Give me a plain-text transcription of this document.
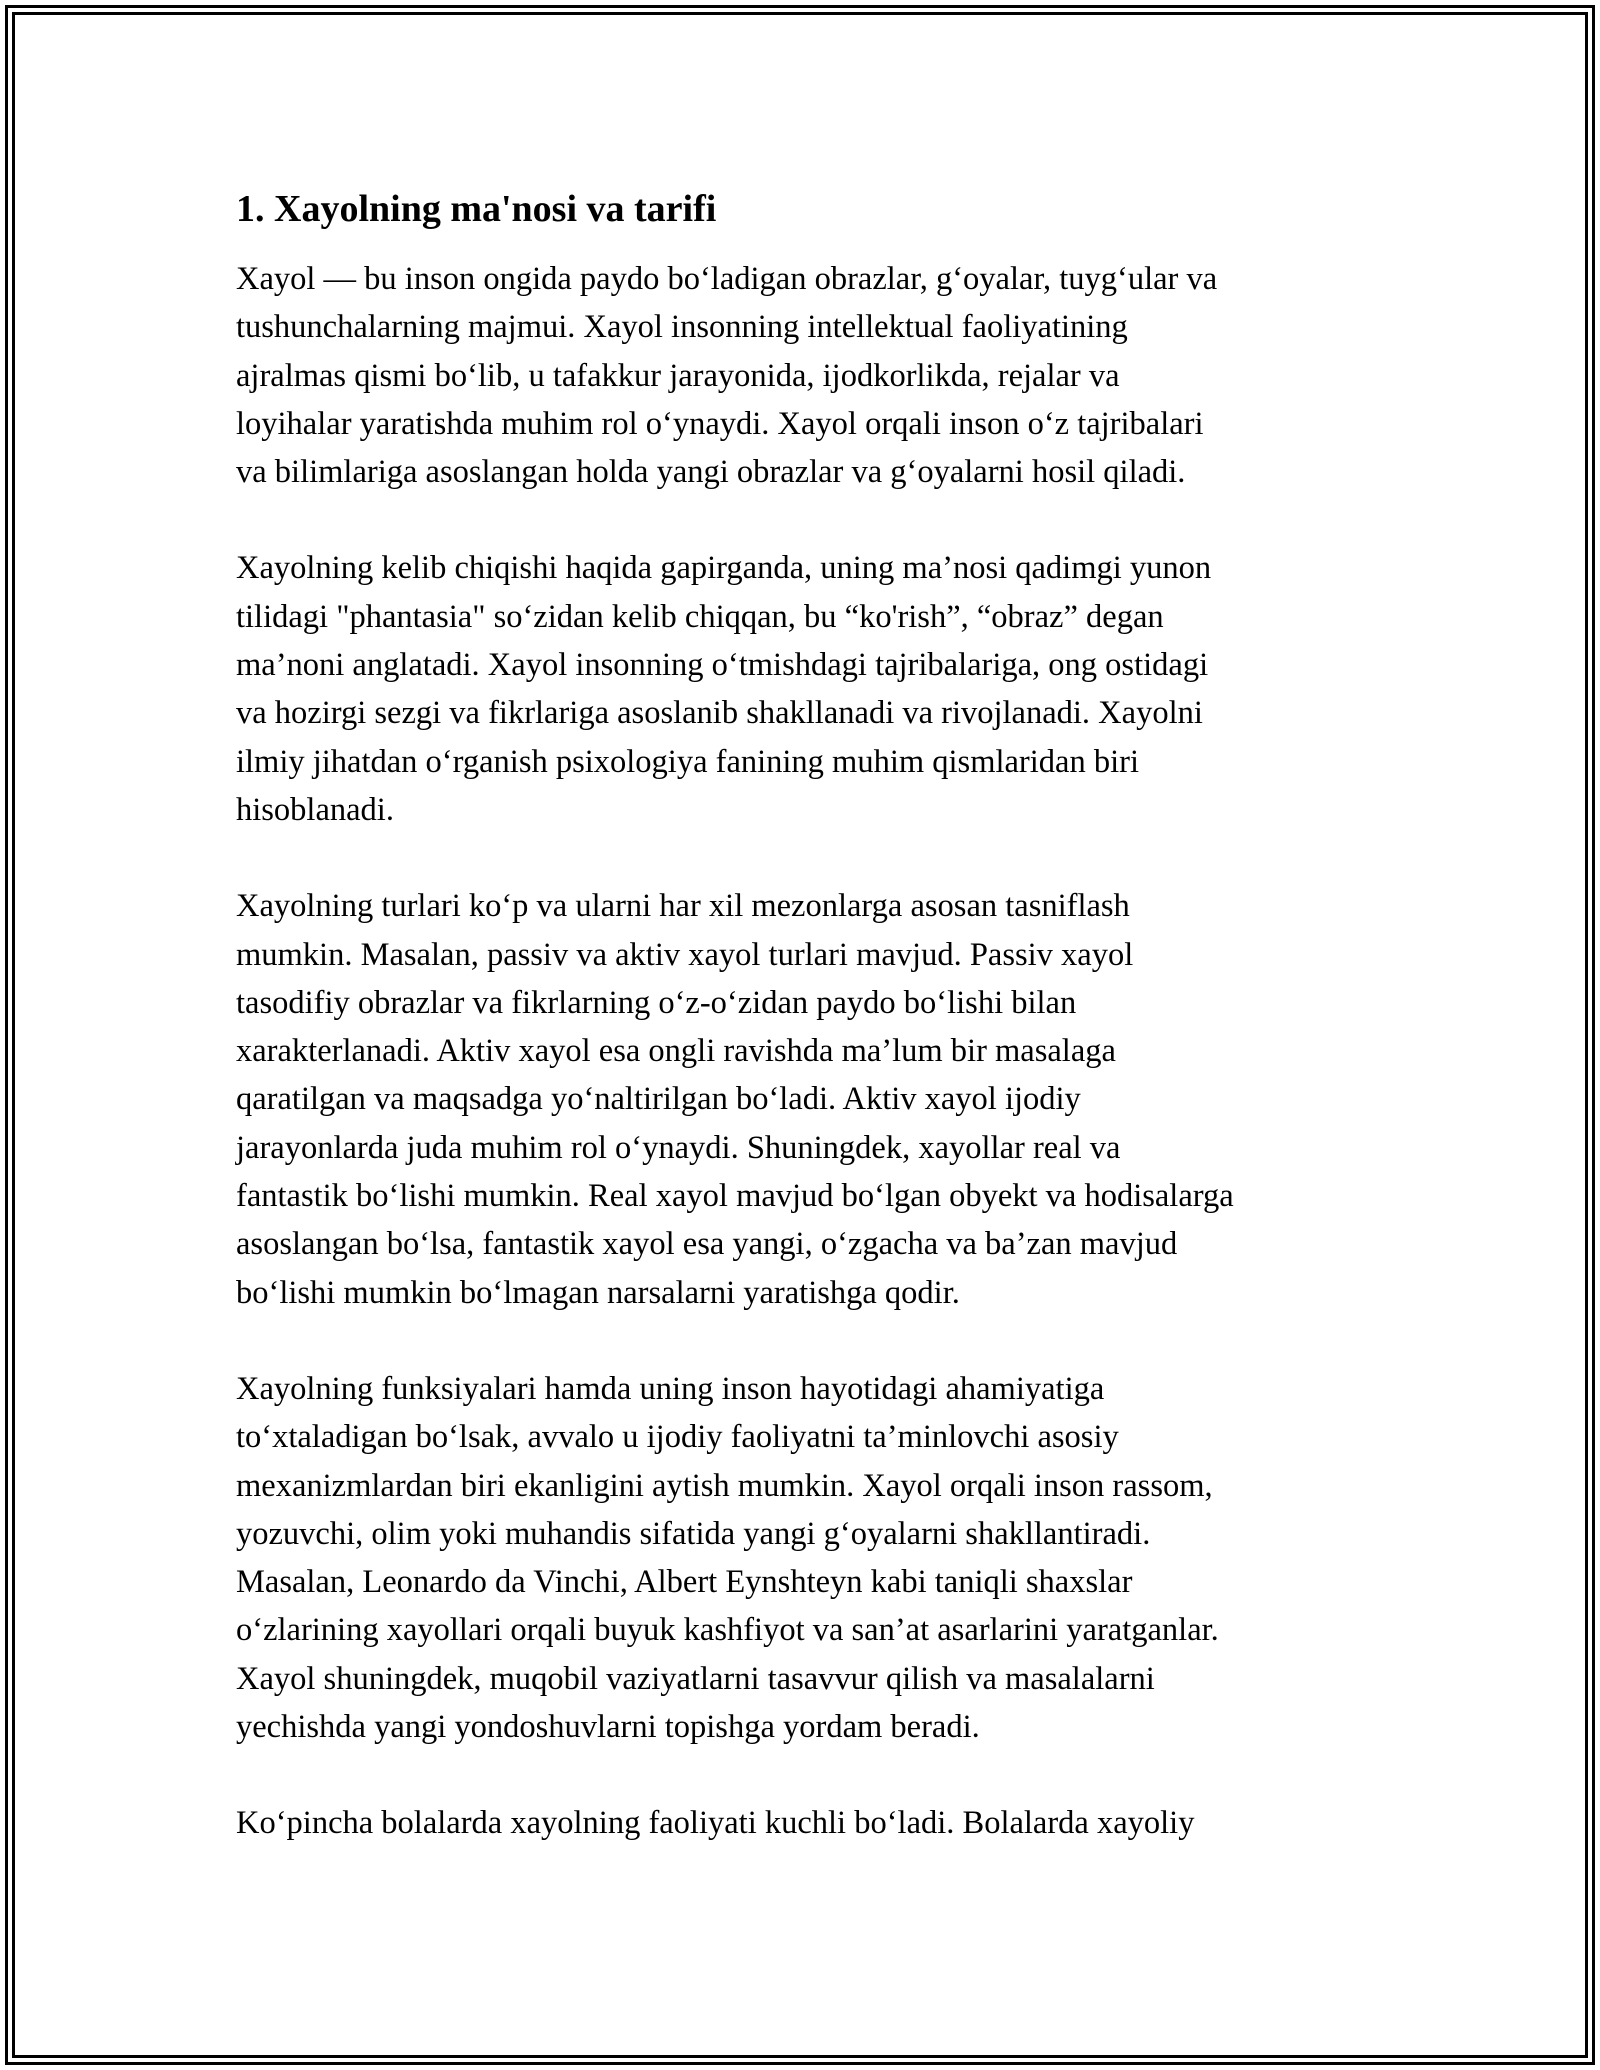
1. Xayolning ma'nosi va tarifi

Xayol — bu inson ongida paydo bo‘ladigan obrazlar, g‘oyalar, tuyg‘ular va
tushunchalarning majmui. Xayol insonning intellektual faoliyatining
ajralmas qismi bo‘lib, u tafakkur jarayonida, ijodkorlikda, rejalar va
loyihalar yaratishda muhim rol o‘ynaydi. Xayol orqali inson o‘z tajribalari
va bilimlariga asoslangan holda yangi obrazlar va g‘oyalarni hosil qiladi.

Xayolning kelib chiqishi haqida gapirganda, uning ma’nosi qadimgi yunon
tilidagi "phantasia" so‘zidan kelib chiqqan, bu “ko'rish”, “obraz” degan
ma’noni anglatadi. Xayol insonning o‘tmishdagi tajribalariga, ong ostidagi
va hozirgi sezgi va fikrlariga asoslanib shakllanadi va rivojlanadi. Xayolni
ilmiy jihatdan o‘rganish psixologiya fanining muhim qismlaridan biri
hisoblanadi.

Xayolning turlari ko‘p va ularni har xil mezonlarga asosan tasniflash
mumkin. Masalan, passiv va aktiv xayol turlari mavjud. Passiv xayol
tasodifiy obrazlar va fikrlarning o‘z-o‘zidan paydo bo‘lishi bilan
xarakterlanadi. Aktiv xayol esa ongli ravishda ma’lum bir masalaga
qaratilgan va maqsadga yo‘naltirilgan bo‘ladi. Aktiv xayol ijodiy
jarayonlarda juda muhim rol o‘ynaydi. Shuningdek, xayollar real va
fantastik bo‘lishi mumkin. Real xayol mavjud bo‘lgan obyekt va hodisalarga
asoslangan bo‘lsa, fantastik xayol esa yangi, o‘zgacha va ba’zan mavjud
bo‘lishi mumkin bo‘lmagan narsalarni yaratishga qodir.

Xayolning funksiyalari hamda uning inson hayotidagi ahamiyatiga
to‘xtaladigan bo‘lsak, avvalo u ijodiy faoliyatni ta’minlovchi asosiy
mexanizmlardan biri ekanligini aytish mumkin. Xayol orqali inson rassom,
yozuvchi, olim yoki muhandis sifatida yangi g‘oyalarni shakllantiradi.
Masalan, Leonardo da Vinchi, Albert Eynshteyn kabi taniqli shaxslar
o‘zlarining xayollari orqali buyuk kashfiyot va san’at asarlarini yaratganlar.
Xayol shuningdek, muqobil vaziyatlarni tasavvur qilish va masalalarni
yechishda yangi yondoshuvlarni topishga yordam beradi.

Ko‘pincha bolalarda xayolning faoliyati kuchli bo‘ladi. Bolalarda xayoliy
